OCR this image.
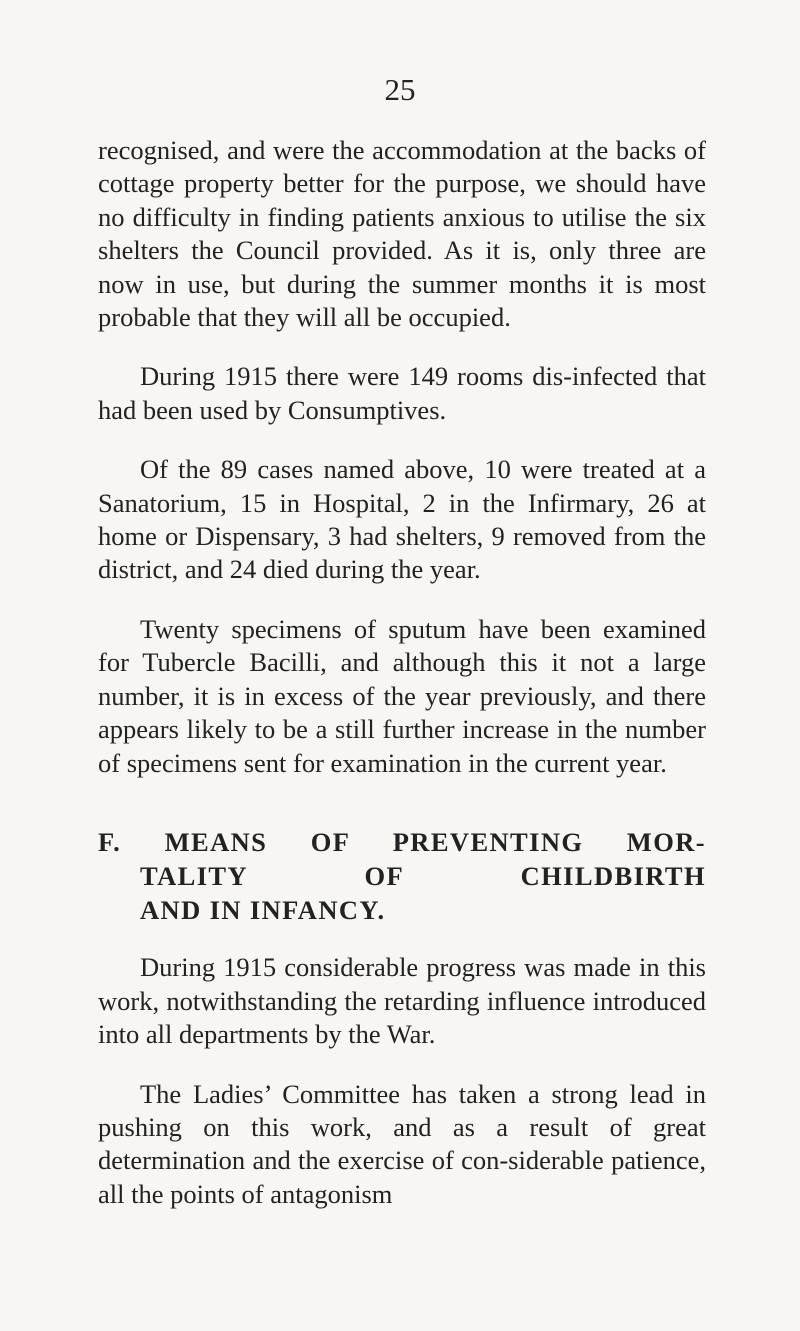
25

recognised, and were the accommodation at the backs of cottage property better for the purpose, we should have no difficulty in finding patients anxious to utilise the six shelters the Council provided. As it is, only three are now in use, but during the summer months it is most probable that they will all be occupied.

During 1915 there were 149 rooms dis-infected that had been used by Consumptives.

Of the 89 cases named above, 10 were treated at a Sanatorium, 15 in Hospital, 2 in the Infirmary, 26 at home or Dispensary, 3 had shelters, 9 removed from the district, and 24 died during the year.

Twenty specimens of sputum have been examined for Tubercle Bacilli, and although this it not a large number, it is in excess of the year previously, and there appears likely to be a still further increase in the number of specimens sent for examination in the current year.

F. MEANS OF PREVENTING MOR-
TALITY OF CHILDBIRTH
AND IN INFANCY.

During 1915 considerable progress was made in this work, notwithstanding the retarding influence introduced into all departments by the War.

The Ladies’ Committee has taken a strong lead in pushing on this work, and as a result of great determination and the exercise of con-siderable patience, all the points of antagonism
